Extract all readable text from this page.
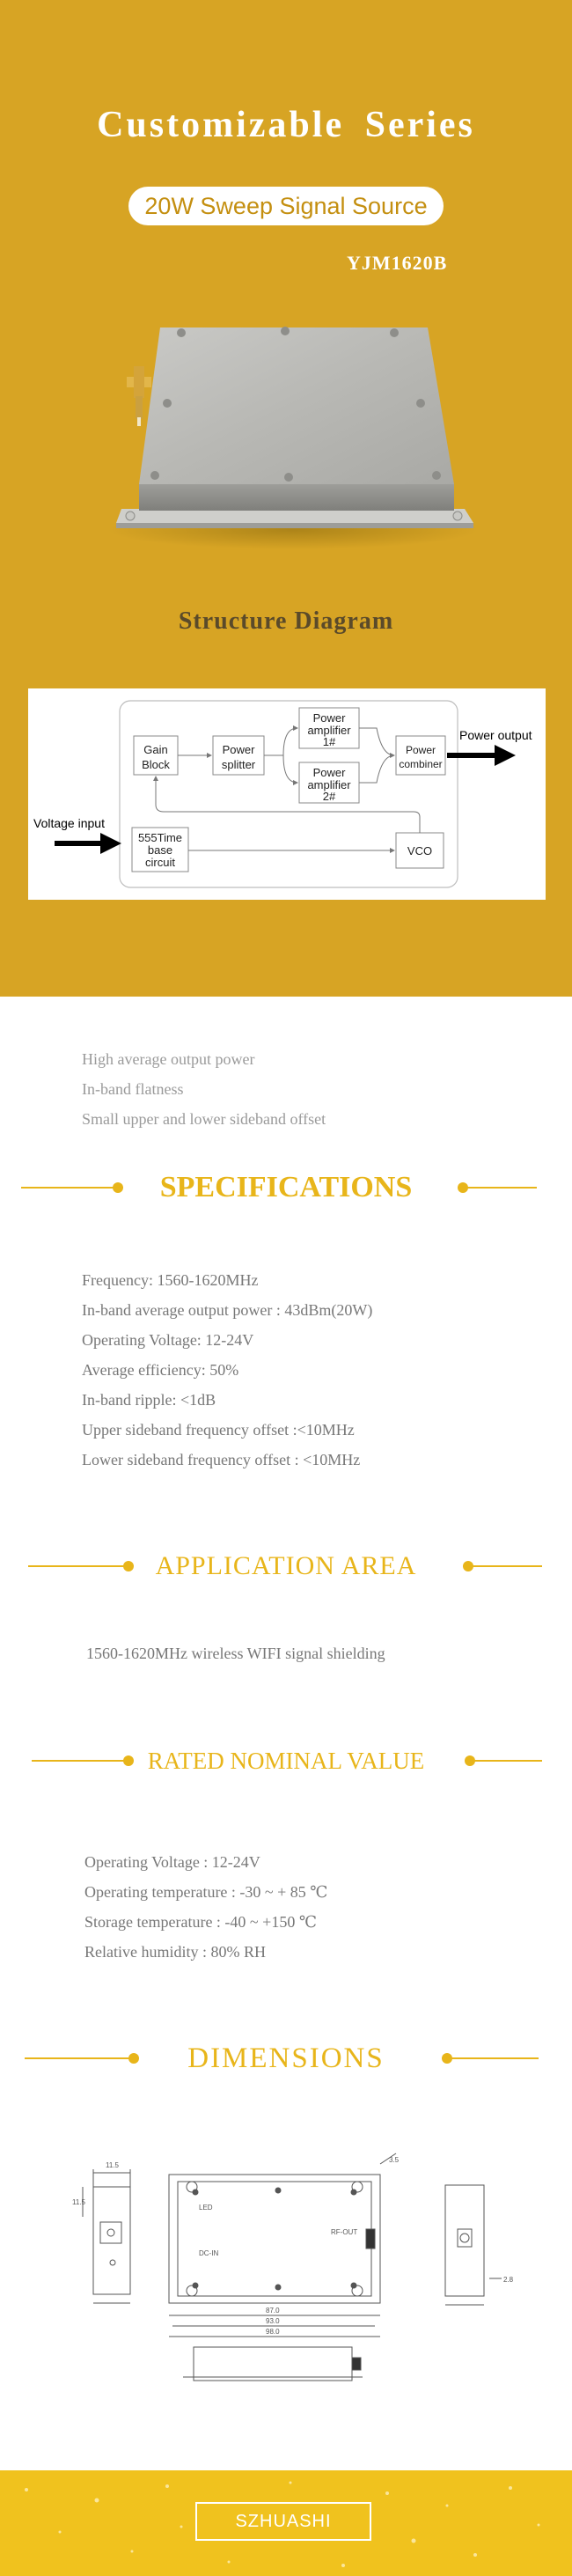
Customizable Series
20W Sweep Signal Source
YJM1620B
Structure Diagram
Gain
Block
Power
splitter
Power
amplifier
1#
Power
amplifier
2#
Power
combiner
555Time
base
circuit
VCO
Power output
Voltage input
High average output power
In-band flatness
Small upper and lower sideband offset
SPECIFICATIONS
Frequency: 1560-1620MHz
In-band average output power : 43dBm(20W)
Operating Voltage: 12-24V
Average efficiency: 50%
In-band ripple: <1dB
Upper sideband frequency offset :<10MHz
Lower sideband frequency offset : <10MHz
APPLICATION AREA
1560-1620MHz wireless WIFI signal shielding
RATED NOMINAL VALUE
Operating Voltage : 12-24V
Operating temperature : -30 ~ + 85 ℃
Storage temperature : -40 ~ +150 ℃
Relative humidity : 80% RH
DIMENSIONS
11.5
11.5
3.5
LED
RF-OUT
DC-IN
87.0
93.0
98.0
2.8
SZHUASHI
